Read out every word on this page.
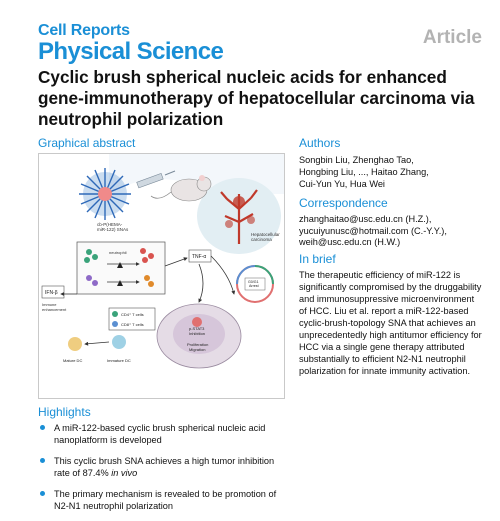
Cell Reports
Physical Science
Article
Cyclic brush spherical nucleic acids for enhanced gene-immunotherapy of hepatocellular carcinoma via neutrophil polarization
Graphical abstract
cb-P(HEMA-miR-122) SNAs
Hepatocellular carcinoma
neutrophil
TNF-α
IFN-β
Immune enhancement
CD4⁺ T cells
CD8⁺ T cells
Mature DC	Immature DC
p-STAT3 Inhibition
Proliferation Migration
G0/G1 Arrest
Authors
Songbin Liu, Zhenghao Tao,
Hongbing Liu, ..., Haitao Zhang,
Cui-Yun Yu, Hua Wei
Correspondence
zhanghaitao@usc.edu.cn (H.Z.),
yucuiyunusc@hotmail.com (C.-Y.Y.),
weih@usc.edu.cn (H.W.)
In brief
The therapeutic efficiency of miR-122 is significantly compromised by the druggability and immunosuppressive microenvironment of HCC. Liu et al. report a miR-122-based cyclic-brush-topology SNA that achieves an unprecedentedly high antitumor efficiency for HCC via a single gene therapy attributed substantially to efficient N2-N1 neutrophil polarization for innate immunity activation.
Highlights
A miR-122-based cyclic brush spherical nucleic acid nanoplatform is developed
This cyclic brush SNA achieves a high tumor inhibition rate of 87.4% in vivo
The primary mechanism is revealed to be promotion of N2-N1 neutrophil polarization
